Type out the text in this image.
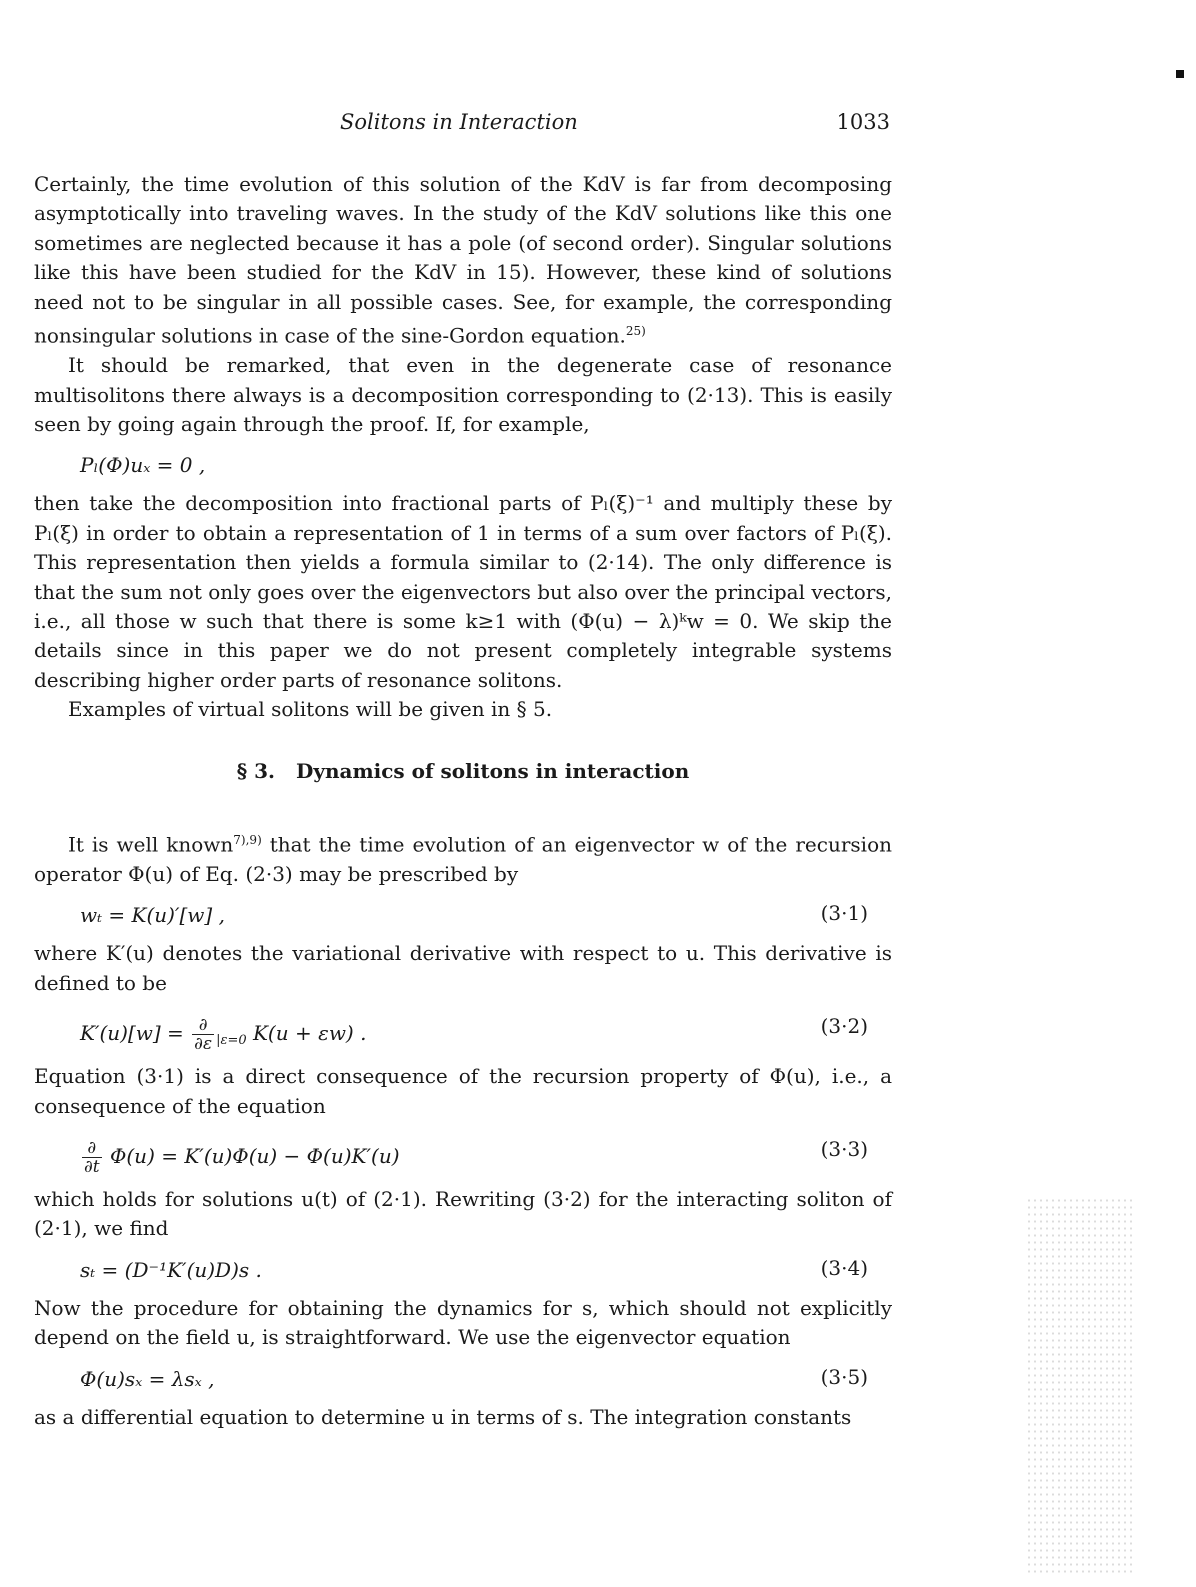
Solitons in Interaction	1033

Certainly, the time evolution of this solution of the KdV is far from decomposing asymptotically into traveling waves. In the study of the KdV solutions like this one sometimes are neglected because it has a pole (of second order). Singular solutions like this have been studied for the KdV in 15). However, these kind of solutions need not to be singular in all possible cases. See, for example, the corresponding nonsingular solutions in case of the sine-Gordon equation.$^{25)}$

It should be remarked, that even in the degenerate case of resonance multisolitons there always is a decomposition corresponding to (2·13). This is easily seen by going again through the proof. If, for example,

Pₗ(Φ)uₓ = 0 ,

then take the decomposition into fractional parts of Pₗ(ξ)⁻¹ and multiply these by Pₗ(ξ) in order to obtain a representation of 1 in terms of a sum over factors of Pₗ(ξ). This representation then yields a formula similar to (2·14). The only difference is that the sum not only goes over the eigenvectors but also over the principal vectors, i.e., all those w such that there is some k≥1 with (Φ(u) − λ)ᵏw = 0. We skip the details since in this paper we do not present completely integrable systems describing higher order parts of resonance solitons.

Examples of virtual solitons will be given in § 5.

§ 3. Dynamics of solitons in interaction

It is well known$^{7),9)}$ that the time evolution of an eigenvector w of the recursion operator Φ(u) of Eq. (2·3) may be prescribed by

wₜ = K(u)′[w] ,	(3·1)

where K′(u) denotes the variational derivative with respect to u. This derivative is defined to be

$K'(u)[w] = \frac{\partial}{\partial\varepsilon} _{|\varepsilon=0}$ K(u + εw) .	(3·2)

Equation (3·1) is a direct consequence of the recursion property of Φ(u), i.e., a consequence of the equation

$\frac{\partial}{\partial t} \Phi(u) = K'(u)\Phi(u) - \Phi(u)K'(u)$	(3·3)

which holds for solutions u(t) of (2·1). Rewriting (3·2) for the interacting soliton of (2·1), we find

sₜ = (D⁻¹K′(u)D)s .	(3·4)

Now the procedure for obtaining the dynamics for s, which should not explicitly depend on the field u, is straightforward. We use the eigenvector equation

Φ(u)sₓ = λsₓ ,	(3·5)

as a differential equation to determine u in terms of s. The integration constants
